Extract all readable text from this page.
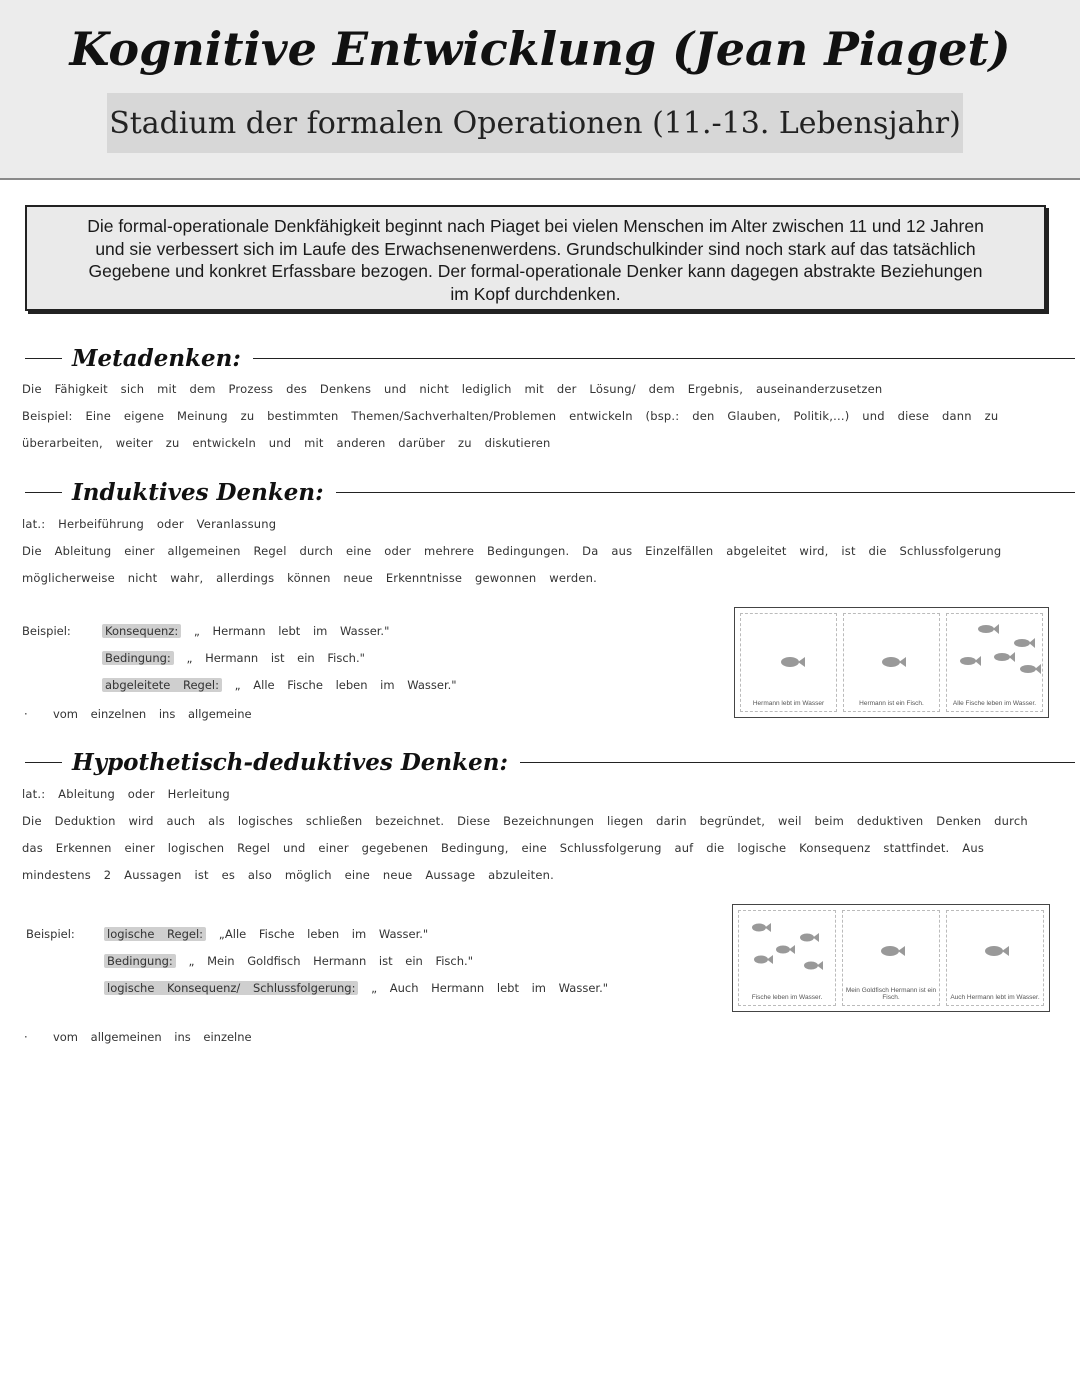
Kognitive Entwicklung (Jean Piaget)
Stadium der formalen Operationen (11.-13. Lebensjahr)
Die formal-operationale Denkfähigkeit beginnt nach Piaget bei vielen Menschen im Alter zwischen 11 und 12 Jahren
und sie verbessert sich im Laufe des Erwachsenenwerdens. Grundschulkinder sind noch stark auf das tatsächlich
Gegebene und konkret Erfassbare bezogen. Der formal-operationale Denker kann dagegen abstrakte Beziehungen
im Kopf durchdenken.
Metadenken:
Die Fähigkeit sich mit dem Prozess des Denkens und nicht lediglich mit der Lösung/ dem Ergebnis, auseinanderzusetzen
Beispiel: Eine eigene Meinung zu bestimmten Themen/Sachverhalten/Problemen entwickeln (bsp.: den Glauben, Politik,...) und diese dann zu
überarbeiten, weiter zu entwickeln und mit anderen darüber zu diskutieren
Induktives Denken:
lat.: Herbeiführung oder Veranlassung
Die Ableitung einer allgemeinen Regel durch eine oder mehrere Bedingungen. Da aus Einzelfällen abgeleitet wird, ist die Schlussfolgerung
möglicherweise nicht wahr, allerdings können neue Erkenntnisse gewonnen werden.
Beispiel:	Konsequenz: „ Hermann lebt im Wasser."
Bedingung: „ Hermann ist ein Fisch."
abgeleitete Regel: „ Alle Fische leben im Wasser."
·  vom einzelnen ins allgemeine
Hermann lebt im Wasser	Hermann ist ein Fisch.	Alle Fische leben im Wasser.
Hypothetisch-deduktives Denken:
lat.: Ableitung oder Herleitung
Die Deduktion wird auch als logisches schließen bezeichnet. Diese Bezeichnungen liegen darin begründet, weil beim deduktiven Denken durch
das Erkennen einer logischen Regel und einer gegebenen Bedingung, eine Schlussfolgerung auf die logische Konsequenz stattfindet. Aus
mindestens 2 Aussagen ist es also möglich eine neue Aussage abzuleiten.
Beispiel:	logische Regel: „Alle Fische leben im Wasser."
Bedingung: „ Mein Goldfisch Hermann ist ein Fisch."
logische Konsequenz/ Schlussfolgerung: „ Auch Hermann lebt im Wasser."
·  vom allgemeinen ins einzelne
Fische leben im Wasser.
Mein Goldfisch Hermann ist ein Fisch.	Auch Hermann lebt im Wasser.
